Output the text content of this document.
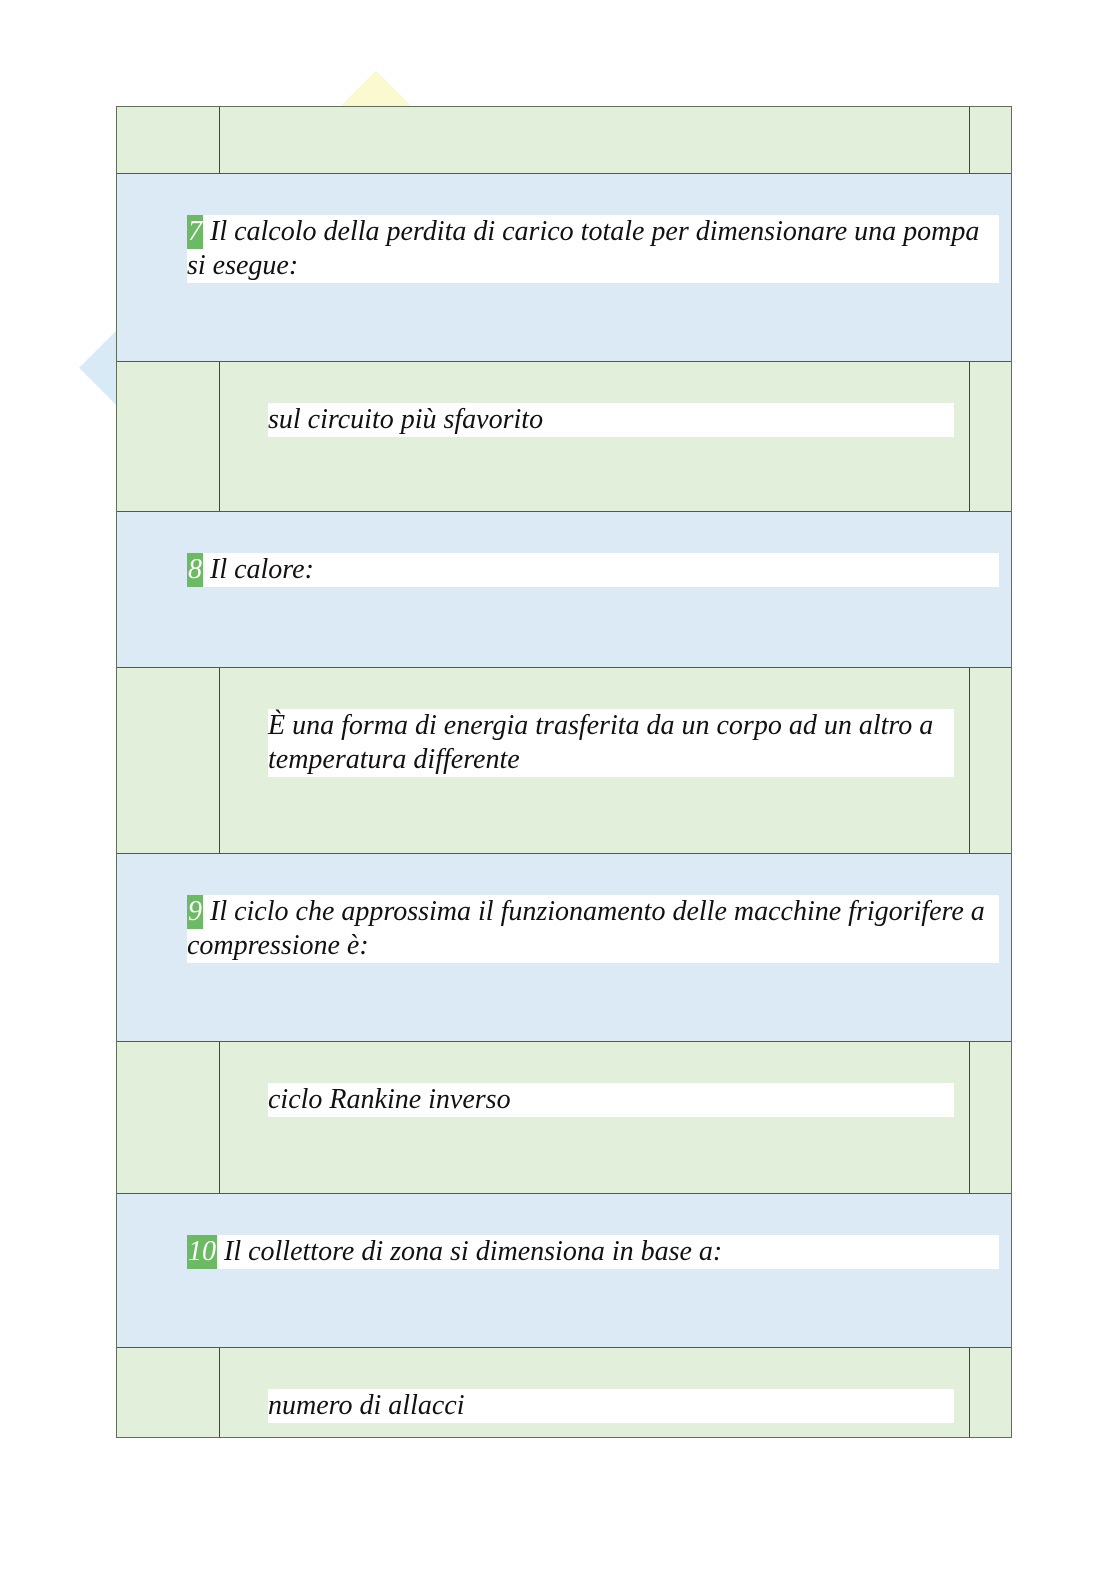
7 Il calcolo della perdita di carico totale per dimensionare una pompa si esegue:
sul circuito più sfavorito
8 Il calore:
È una forma di energia trasferita da un corpo ad un altro a temperatura differente
9 Il ciclo che approssima il funzionamento delle macchine frigorifere a compressione è:
ciclo Rankine inverso
10 Il collettore di zona si dimensiona in base a:
numero di allacci
